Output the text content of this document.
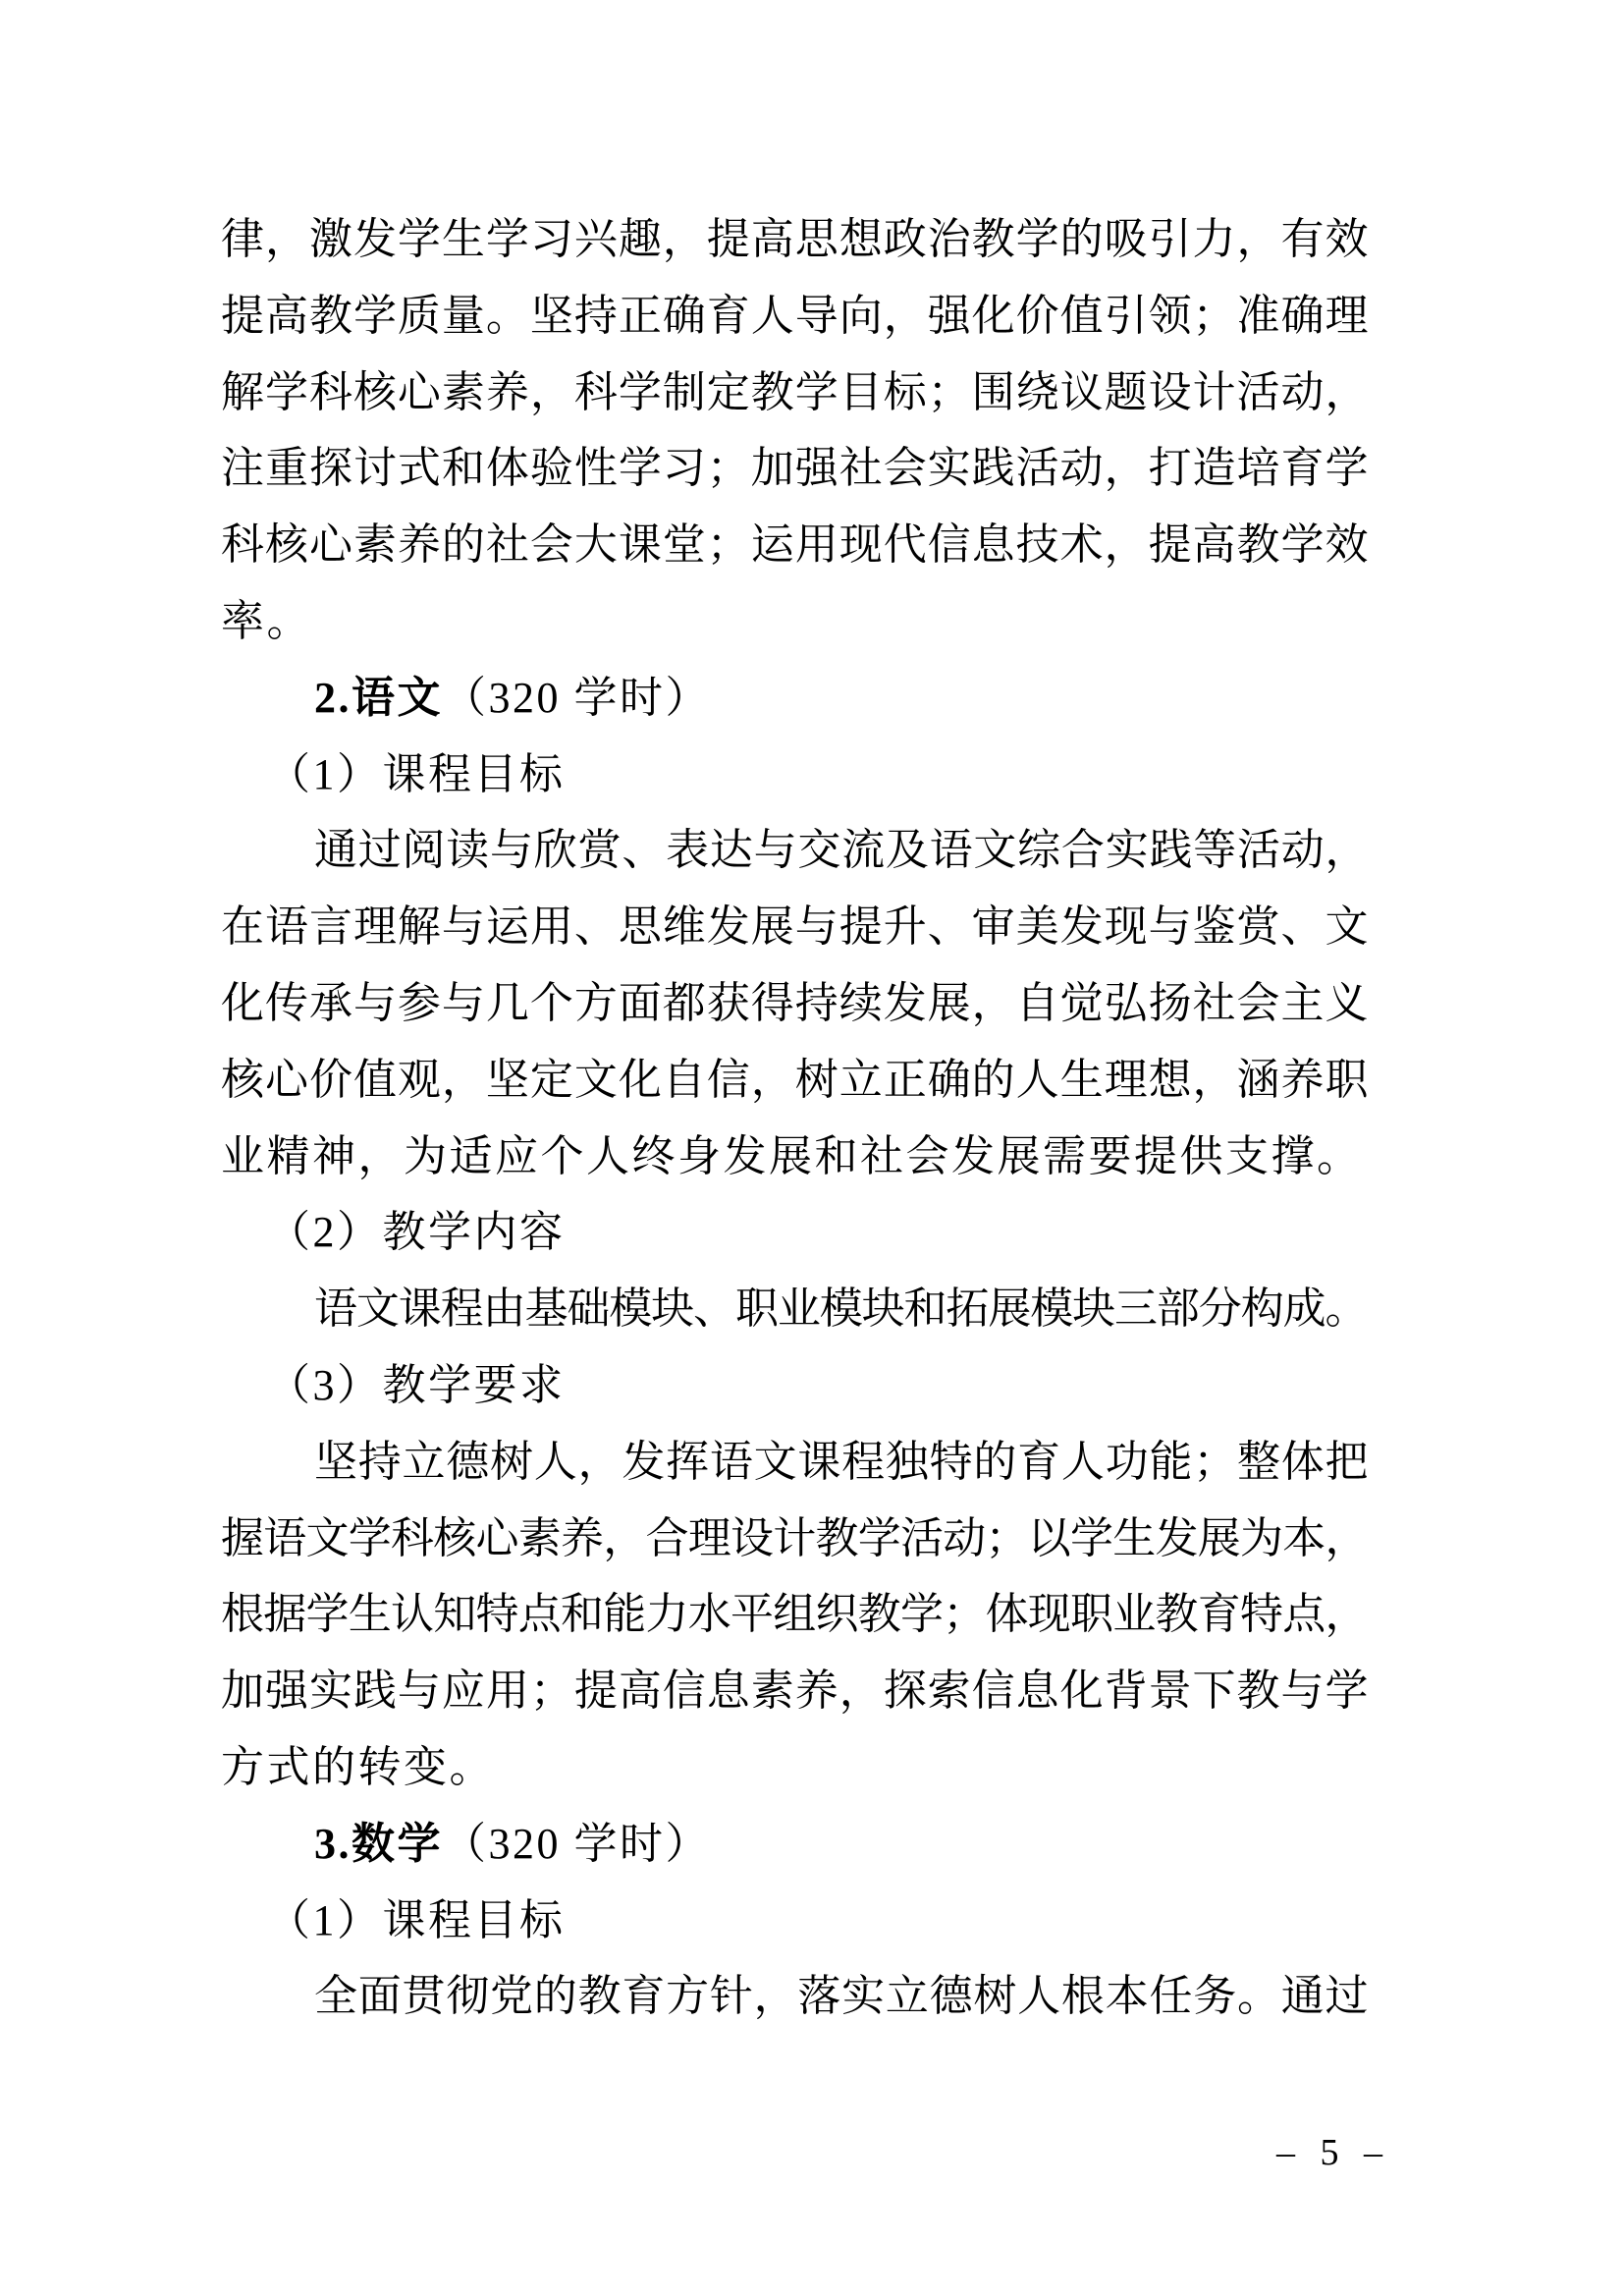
律，激发学生学习兴趣，提高思想政治教学的吸引力，有效
提高教学质量。坚持正确育人导向，强化价值引领；准确理
解学科核心素养，科学制定教学目标；围绕议题设计活动，
注重探讨式和体验性学习；加强社会实践活动，打造培育学
科核心素养的社会大课堂；运用现代信息技术，提高教学效
率。
2.语文（320 学时）
（1）课程目标
通过阅读与欣赏、表达与交流及语文综合实践等活动，
在语言理解与运用、思维发展与提升、审美发现与鉴赏、文
化传承与参与几个方面都获得持续发展，自觉弘扬社会主义
核心价值观，坚定文化自信，树立正确的人生理想，涵养职
业精神，为适应个人终身发展和社会发展需要提供支撑。
（2）教学内容
语文课程由基础模块、职业模块和拓展模块三部分构成。
（3）教学要求
坚持立德树人，发挥语文课程独特的育人功能；整体把
握语文学科核心素养，合理设计教学活动；以学生发展为本，
根据学生认知特点和能力水平组织教学；体现职业教育特点，
加强实践与应用；提高信息素养，探索信息化背景下教与学
方式的转变。
3.数学（320 学时）
（1）课程目标
全面贯彻党的教育方针，落实立德树人根本任务。通过
– 5 –
